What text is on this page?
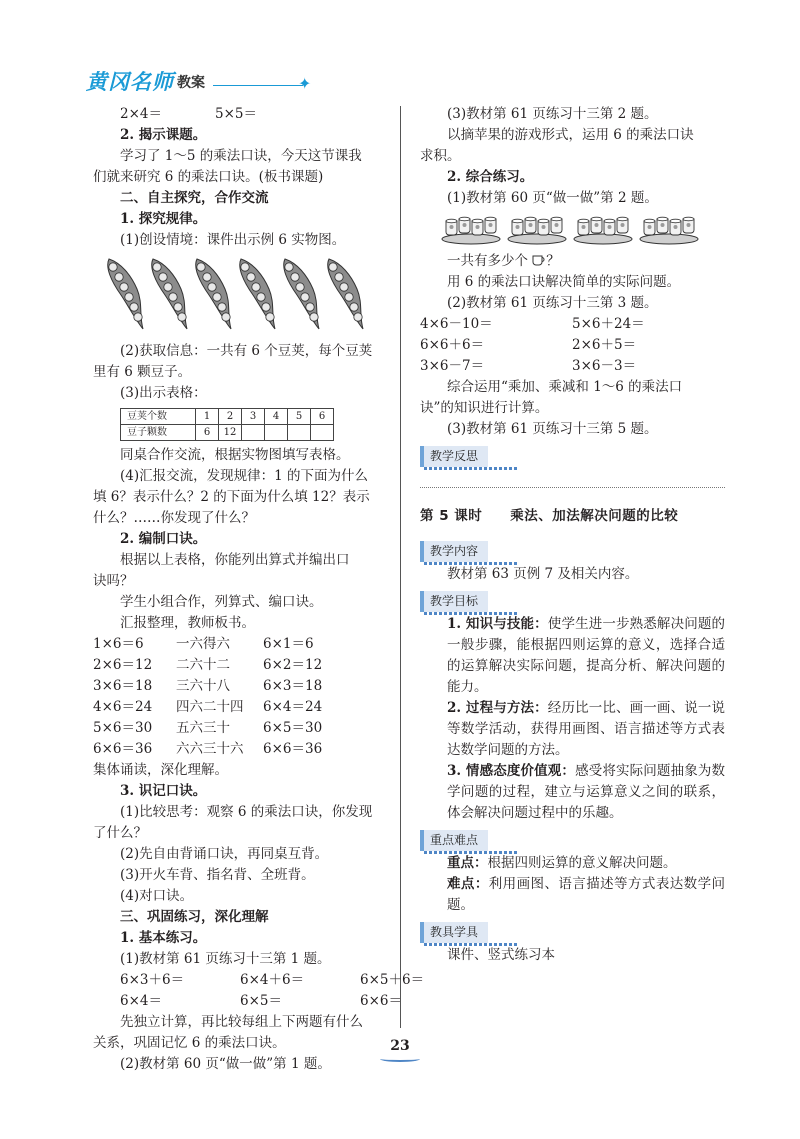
黄冈名师 教案	✦
2×4＝	5×5＝
2. 揭示课题。
学习了 1～5 的乘法口诀，今天这节课我
们就来研究 6 的乘法口诀。(板书课题)
二、自主探究，合作交流
1. 探究规律。
(1)创设情境：课件出示例 6 实物图。
(2)获取信息：一共有 6 个豆荚，每个豆荚
里有 6 颗豆子。
(3)出示表格：
豆荚个数	1	2	3	4	5	6
豆子颗数	6	12				
同桌合作交流，根据实物图填写表格。
(4)汇报交流，发现规律：1 的下面为什么
填 6？表示什么？2 的下面为什么填 12？表示
什么？……你发现了什么？
2. 编制口诀。
根据以上表格，你能列出算式并编出口
诀吗？
学生小组合作，列算式、编口诀。
汇报整理，教师板书。
1×6＝6 一六得六 6×1＝6
2×6＝12 二六十二 6×2＝12
3×6＝18 三六十八 6×3＝18
4×6＝24 四六二十四 6×4＝24
5×6＝30 五六三十 6×5＝30
6×6＝36 六六三十六 6×6＝36
集体诵读，深化理解。
3. 识记口诀。
(1)比较思考：观察 6 的乘法口诀，你发现
了什么？
(2)先自由背诵口诀，再同桌互背。
(3)开火车背、指名背、全班背。
(4)对口诀。
三、巩固练习，深化理解
1. 基本练习。
(1)教材第 61 页练习十三第 1 题。
6×3＋6＝	6×4＋6＝	6×5＋6＝
6×4＝	6×5＝	6×6＝
先独立计算，再比较每组上下两题有什么
关系，巩固记忆 6 的乘法口诀。
(2)教材第 60 页“做一做”第 1 题。
(3)教材第 61 页练习十三第 2 题。
以摘苹果的游戏形式，运用 6 的乘法口诀
求积。
2. 综合练习。
(1)教材第 60 页“做一做”第 2 题。
一共有多少个 ？
用 6 的乘法口诀解决简单的实际问题。
(2)教材第 61 页练习十三第 3 题。
4×6－10＝	5×6＋24＝
6×6＋6＝	2×6＋5＝
3×6－7＝	3×6－3＝
综合运用“乘加、乘减和 1～6 的乘法口
诀”的知识进行计算。
(3)教材第 61 页练习十三第 5 题。
教学反思
第 5 课时 乘法、加法解决问题的比较
教学内容
教材第 63 页例 7 及相关内容。
教学目标
1. 知识与技能：使学生进一步熟悉解决问题的一般步骤，能根据四则运算的意义，选择合适的运算解决实际问题，提高分析、解决问题的能力。
2. 过程与方法：经历比一比、画一画、说一说等数学活动，获得用画图、语言描述等方式表达数学问题的方法。
3. 情感态度价值观：感受将实际问题抽象为数学问题的过程，建立与运算意义之间的联系，体会解决问题过程中的乐趣。
重点难点
重点：根据四则运算的意义解决问题。
难点：利用画图、语言描述等方式表达数学问题。
教具学具
课件、竖式练习本
23
